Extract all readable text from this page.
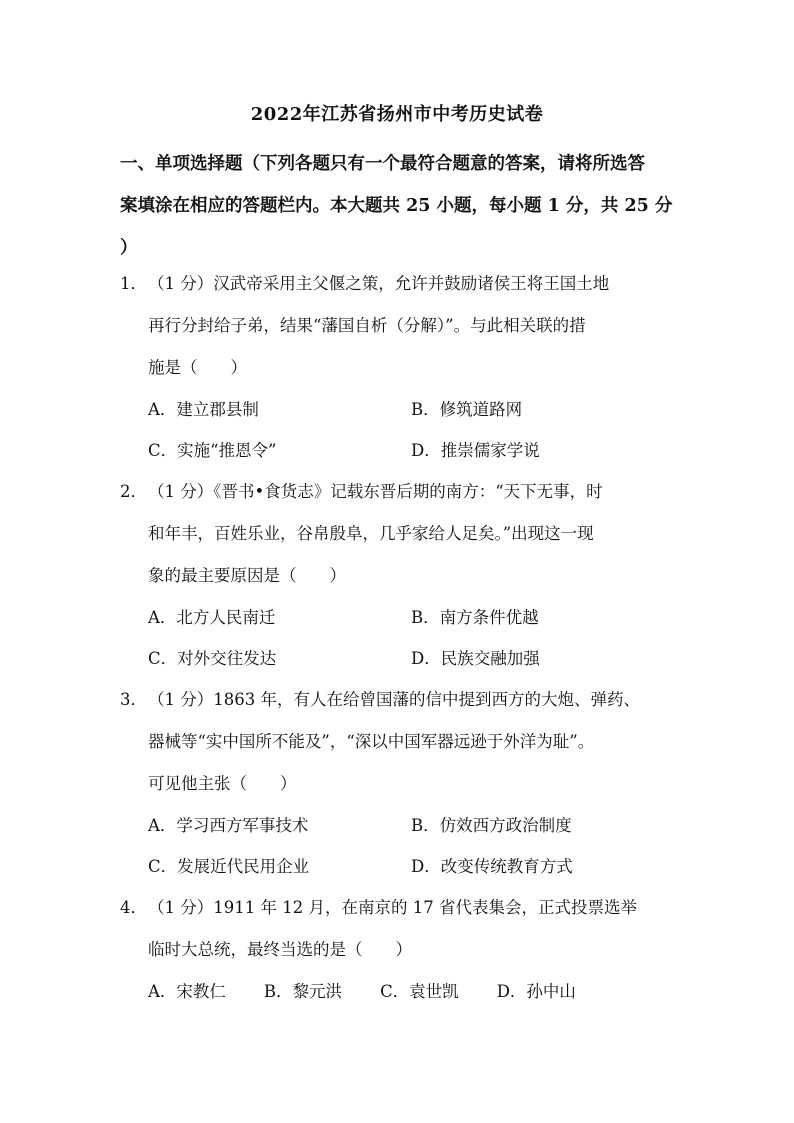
2022年江苏省扬州市中考历史试卷
一、单项选择题（下列各题只有一个最符合题意的答案，请将所选答
案填涂在相应的答题栏内。本大题共 25 小题，每小题 1 分，共 25 分
）
1．（1 分）汉武帝采用主父偃之策，允许并鼓励诸侯王将王国土地
再行分封给子弟，结果“藩国自析（分解）”。与此相关联的措
施是（　　）
A．建立郡县制	B．修筑道路网
C．实施“推恩令”	D．推崇儒家学说
2．（1 分）《晋书•食货志》记载东晋后期的南方：“天下无事，时
和年丰，百姓乐业，谷帛殷阜，几乎家给人足矣。”出现这一现
象的最主要原因是（　　）
A．北方人民南迁	B．南方条件优越
C．对外交往发达	D．民族交融加强
3．（1 分）1863 年，有人在给曾国藩的信中提到西方的大炮、弹药、
器械等“实中国所不能及”，“深以中国军器远逊于外洋为耻”。
可见他主张（　　）
A．学习西方军事技术	B．仿效西方政治制度
C．发展近代民用企业	D．改变传统教育方式
4．（1 分）1911 年 12 月，在南京的 17 省代表集会，正式投票选举
临时大总统，最终当选的是（　　）
A．宋教仁 B．黎元洪 C．袁世凯 D．孙中山
